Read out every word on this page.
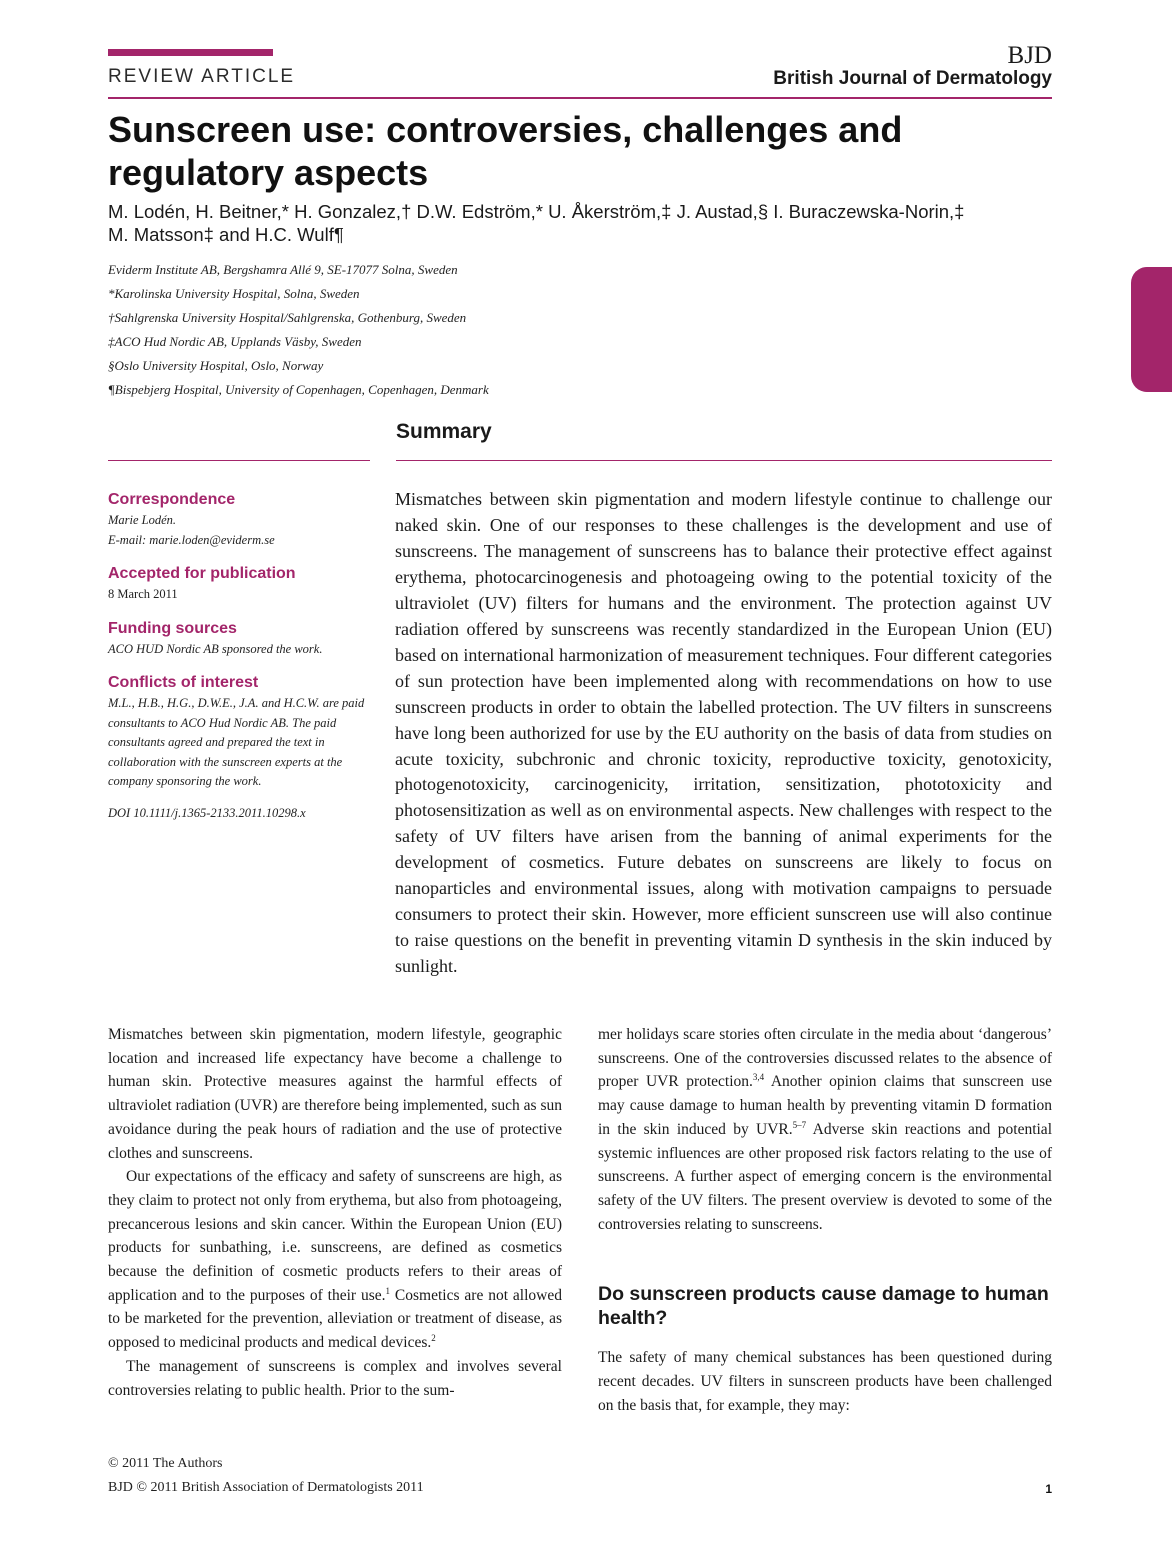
REVIEW ARTICLE
BJD
British Journal of Dermatology
Sunscreen use: controversies, challenges and regulatory aspects
M. Lodén, H. Beitner,* H. Gonzalez,† D.W. Edström,* U. Åkerström,‡ J. Austad,§ I. Buraczewska-Norin,‡
M. Matsson‡ and H.C. Wulf¶
Eviderm Institute AB, Bergshamra Allé 9, SE-17077 Solna, Sweden
*Karolinska University Hospital, Solna, Sweden
†Sahlgrenska University Hospital/Sahlgrenska, Gothenburg, Sweden
‡ACO Hud Nordic AB, Upplands Väsby, Sweden
§Oslo University Hospital, Oslo, Norway
¶Bispebjerg Hospital, University of Copenhagen, Copenhagen, Denmark
Summary

Correspondence

Marie Lodén.

E-mail: marie.loden@eviderm.se

Accepted for publication

8 March 2011

Funding sources

ACO HUD Nordic AB sponsored the work.

Conflicts of interest

M.L., H.B., H.G., D.W.E., J.A. and H.C.W. are paid consultants to ACO Hud Nordic AB. The paid consultants agreed and prepared the text in collaboration with the sunscreen experts at the company sponsoring the work.

DOI 10.1111/j.1365-2133.2011.10298.x
Mismatches between skin pigmentation and modern lifestyle continue to challenge our naked skin. One of our responses to these challenges is the development and use of sunscreens. The management of sunscreens has to balance their protective effect against erythema, photocarcinogenesis and photoageing owing to the potential toxicity of the ultraviolet (UV) filters for humans and the environment. The protection against UV radiation offered by sunscreens was recently standardized in the European Union (EU) based on international harmonization of measurement techniques. Four different categories of sun protection have been implemented along with recommendations on how to use sunscreen products in order to obtain the labelled protection. The UV filters in sunscreens have long been authorized for use by the EU authority on the basis of data from studies on acute toxicity, subchronic and chronic toxicity, reproductive toxicity, genotoxicity, photogenotoxicity, carcinogenicity, irritation, sensitization, phototoxicity and photosensitization as well as on environmental aspects. New challenges with respect to the safety of UV filters have arisen from the banning of animal experiments for the development of cosmetics. Future debates on sunscreens are likely to focus on nanoparticles and environmental issues, along with motivation campaigns to persuade consumers to protect their skin. However, more efficient sunscreen use will also continue to raise questions on the benefit in preventing vitamin D synthesis in the skin induced by sunlight.

Mismatches between skin pigmentation, modern lifestyle, geographic location and increased life expectancy have become a challenge to human skin. Protective measures against the harmful effects of ultraviolet radiation (UVR) are therefore being implemented, such as sun avoidance during the peak hours of radiation and the use of protective clothes and sunscreens.

Our expectations of the efficacy and safety of sunscreens are high, as they claim to protect not only from erythema, but also from photoageing, precancerous lesions and skin cancer. Within the European Union (EU) products for sunbathing, i.e. sunscreens, are defined as cosmetics because the definition of cosmetic products refers to their areas of application and to the purposes of their use.$^1$ Cosmetics are not allowed to be marketed for the prevention, alleviation or treatment of disease, as opposed to medicinal products and medical devices.$^2$

The management of sunscreens is complex and involves several controversies relating to public health. Prior to the sum-

mer holidays scare stories often circulate in the media about ‘dangerous’ sunscreens. One of the controversies discussed relates to the absence of proper UVR protection.$^{3,4}$ Another opinion claims that sunscreen use may cause damage to human health by preventing vitamin D formation in the skin induced by UVR.$^{5-7}$ Adverse skin reactions and potential systemic influences are other proposed risk factors relating to the use of sunscreens. A further aspect of emerging concern is the environmental safety of the UV filters. The present overview is devoted to some of the controversies relating to sunscreens.

Do sunscreen products cause damage to human health?

The safety of many chemical substances has been questioned during recent decades. UV filters in sunscreen products have been challenged on the basis that, for example, they may:

© 2011 The Authors
BJD © 2011 British Association of Dermatologists 2011	1
